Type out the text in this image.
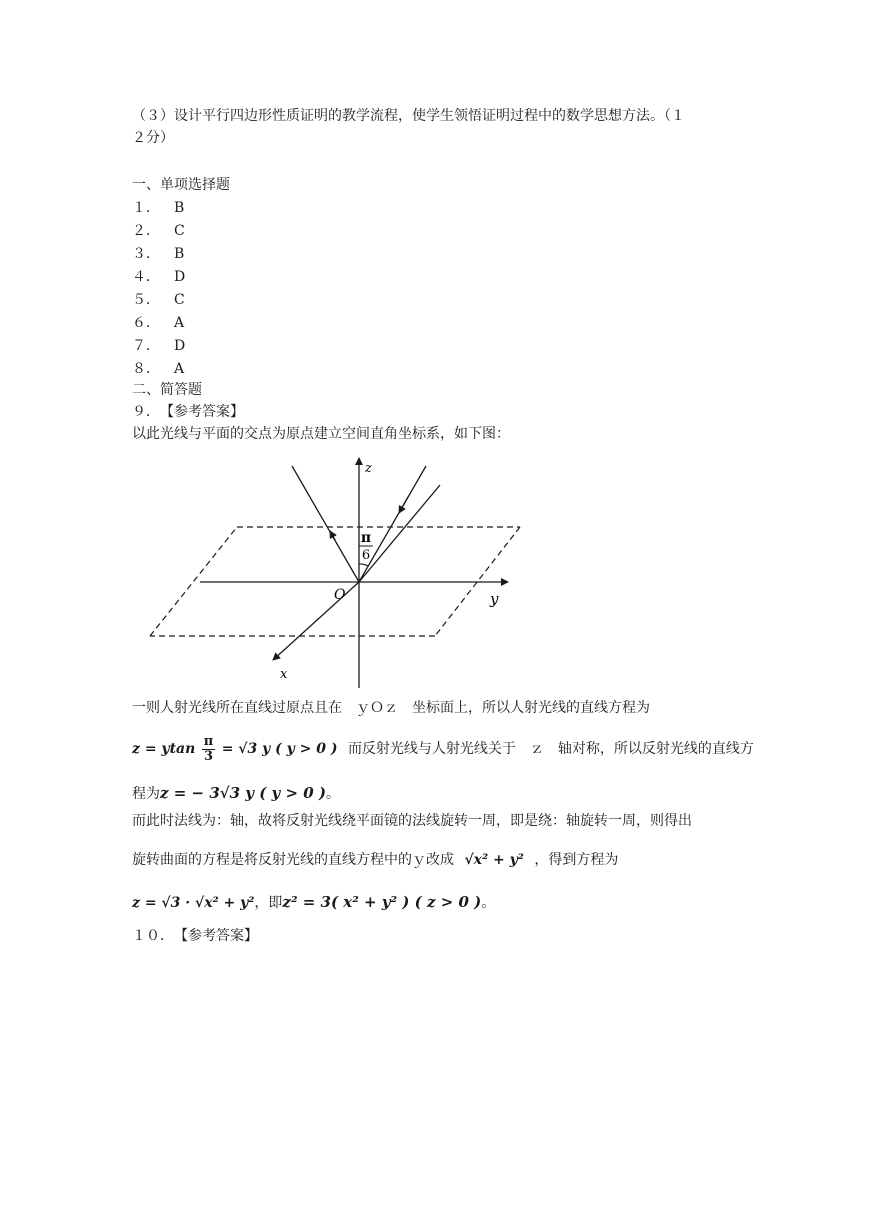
（３）设计平行四边形性质证明的教学流程，使学生领悟证明过程中的数学思想方法。（１
２分）
一、单项选择题
１． B
２． C
３． B
４． D
５． C
６． A
７． D
８． A
二、简答题
９．　【参考答案】
以此光线与平面的交点为原点建立空间直角坐标系，如下图：
π
6
z
y
x
O
一则人射光线所在直线过原点且在　ｙＯｚ　坐标面上，所以人射光线的直线方程为
z = ytan $\frac{\pi}{3} = √3$ y ( y > 0 ) 而反射光线与人射光线关于　ｚ　轴对称，所以反射光线的直线方
程为z = − 3√3 y ( y > 0 )。
而此时法线为：轴，故将反射光线绕平面镜的法线旋转一周，即是绕：轴旋转一周，则得出
旋转曲面的方程是将反射光线的直线方程中的ｙ改成 √x² + y² ，得到方程为
z = √3 · √x² + y²，即z² = 3( x² + y² ) ( z > 0 )。
１０．　【参考答案】
